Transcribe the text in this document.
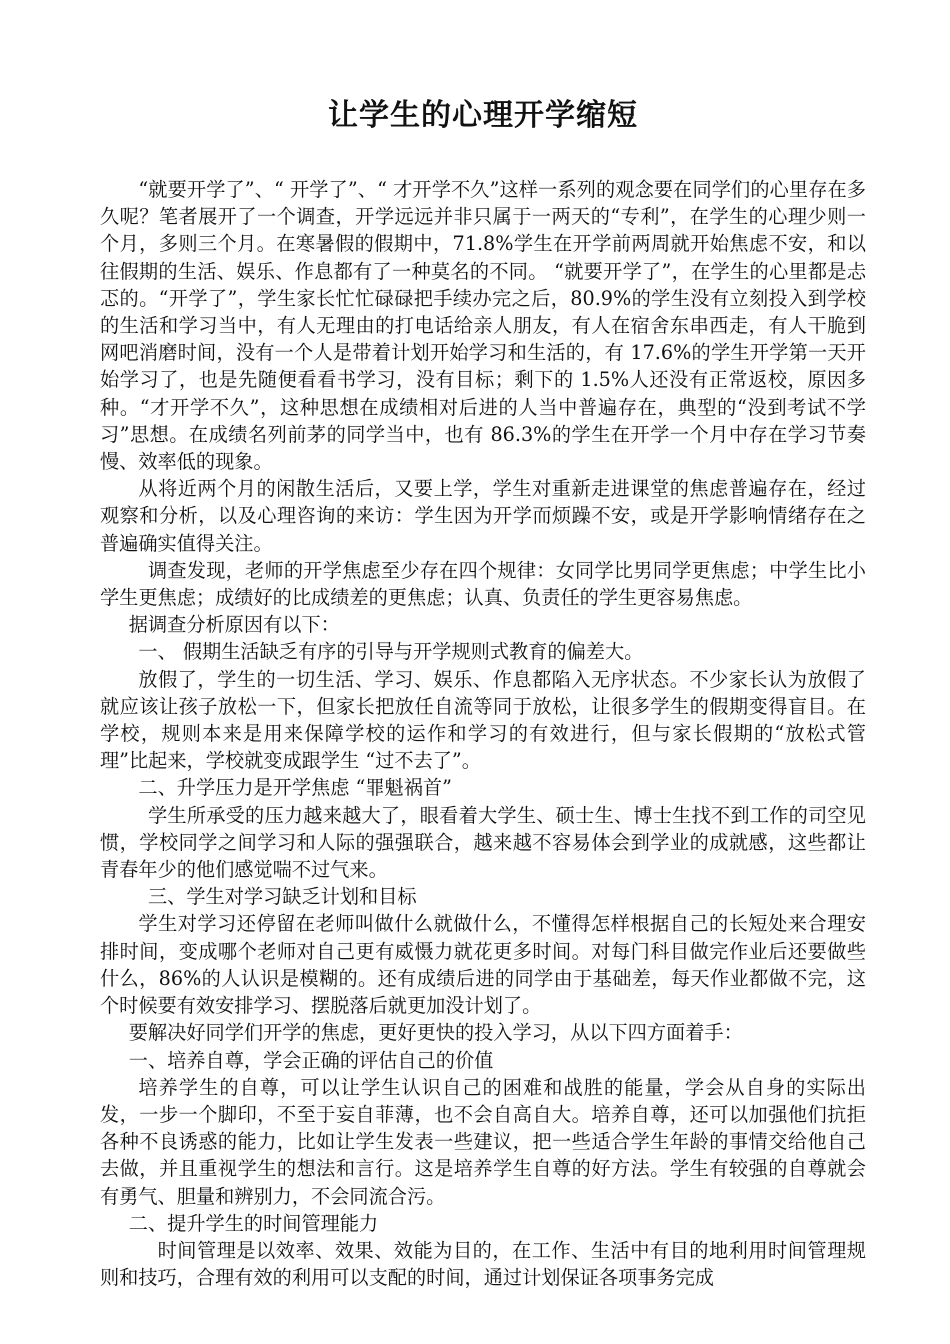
让学生的心理开学缩短

“就要开学了”、“ 开学了”、“ 才开学不久”这样一系列的观念要在同学们的心里存在多久呢？笔者展开了一个调查，开学远远并非只属于一两天的“专利”，在学生的心理少则一个月，多则三个月。在寒暑假的假期中，71.8%学生在开学前两周就开始焦虑不安，和以往假期的生活、娱乐、作息都有了一种莫名的不同。 “就要开学了”，在学生的心里都是忐忑的。“开学了”，学生家长忙忙碌碌把手续办完之后，80.9%的学生没有立刻投入到学校的生活和学习当中，有人无理由的打电话给亲人朋友，有人在宿舍东串西走，有人干脆到网吧消磨时间，没有一个人是带着计划开始学习和生活的，有 17.6%的学生开学第一天开始学习了，也是先随便看看书学习，没有目标；剩下的 1.5%人还没有正常返校，原因多种。“才开学不久”，这种思想在成绩相对后进的人当中普遍存在，典型的“没到考试不学习”思想。在成绩名列前茅的同学当中，也有 86.3%的学生在开学一个月中存在学习节奏慢、效率低的现象。

从将近两个月的闲散生活后，又要上学，学生对重新走进课堂的焦虑普遍存在，经过观察和分析，以及心理咨询的来访：学生因为开学而烦躁不安，或是开学影响情绪存在之普遍确实值得关注。

调查发现，老师的开学焦虑至少存在四个规律：女同学比男同学更焦虑；中学生比小学生更焦虑；成绩好的比成绩差的更焦虑；认真、负责任的学生更容易焦虑。

据调查分析原因有以下：

一、 假期生活缺乏有序的引导与开学规则式教育的偏差大。

放假了，学生的一切生活、学习、娱乐、作息都陷入无序状态。不少家长认为放假了就应该让孩子放松一下，但家长把放任自流等同于放松，让很多学生的假期变得盲目。在学校，规则本来是用来保障学校的运作和学习的有效进行，但与家长假期的“放松式管理”比起来，学校就变成跟学生 “过不去了”。

二、升学压力是开学焦虑 “罪魁祸首”

学生所承受的压力越来越大了，眼看着大学生、硕士生、博士生找不到工作的司空见惯，学校同学之间学习和人际的强强联合，越来越不容易体会到学业的成就感，这些都让青春年少的他们感觉喘不过气来。

三、学生对学习缺乏计划和目标

学生对学习还停留在老师叫做什么就做什么，不懂得怎样根据自己的长短处来合理安排时间，变成哪个老师对自己更有威慑力就花更多时间。对每门科目做完作业后还要做些什么，86%的人认识是模糊的。还有成绩后进的同学由于基础差，每天作业都做不完，这个时候要有效安排学习、摆脱落后就更加没计划了。

要解决好同学们开学的焦虑，更好更快的投入学习，从以下四方面着手：

一、培养自尊，学会正确的评估自己的价值

培养学生的自尊，可以让学生认识自己的困难和战胜的能量，学会从自身的实际出发，一步一个脚印，不至于妄自菲薄，也不会自高自大。培养自尊，还可以加强他们抗拒各种不良诱惑的能力，比如让学生发表一些建议，把一些适合学生年龄的事情交给他自己去做，并且重视学生的想法和言行。这是培养学生自尊的好方法。学生有较强的自尊就会有勇气、胆量和辨别力，不会同流合污。

二、提升学生的时间管理能力

时间管理是以效率、效果、效能为目的，在工作、生活中有目的地利用时间管理规则和技巧，合理有效的利用可以支配的时间，通过计划保证各项事务完成
